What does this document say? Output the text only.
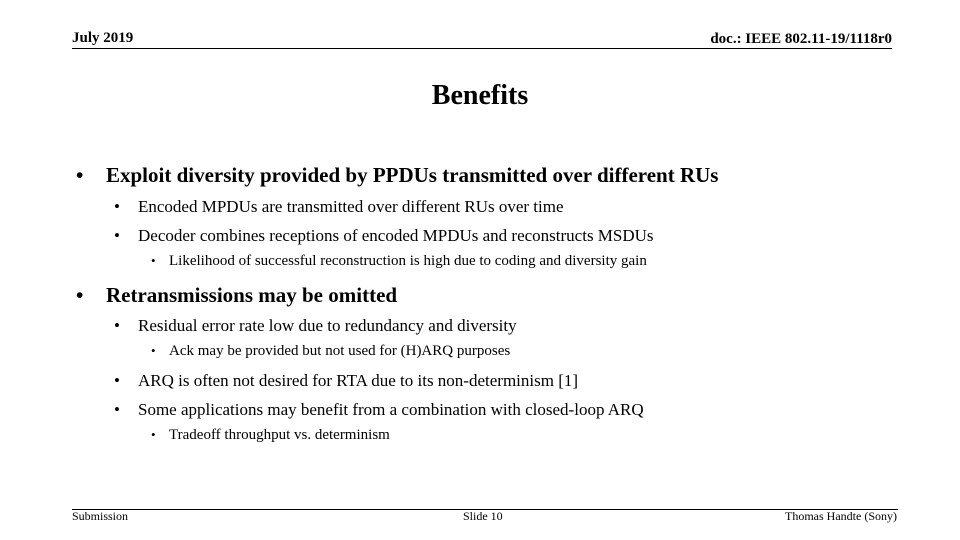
July 2019	doc.: IEEE 802.11-19/1118r0
Benefits
• Exploit diversity provided by PPDUs transmitted over different RUs
• Encoded MPDUs are transmitted over different RUs over time
• Decoder combines receptions of encoded MPDUs and reconstructs MSDUs
• Likelihood of successful reconstruction is high due to coding and diversity gain
• Retransmissions may be omitted
• Residual error rate low due to redundancy and diversity
• Ack may be provided but not used for (H)ARQ purposes
• ARQ is often not desired for RTA due to its non-determinism [1]
• Some applications may benefit from a combination with closed-loop ARQ
• Tradeoff throughput vs. determinism
Submission	Slide 10	Thomas Handte (Sony)
